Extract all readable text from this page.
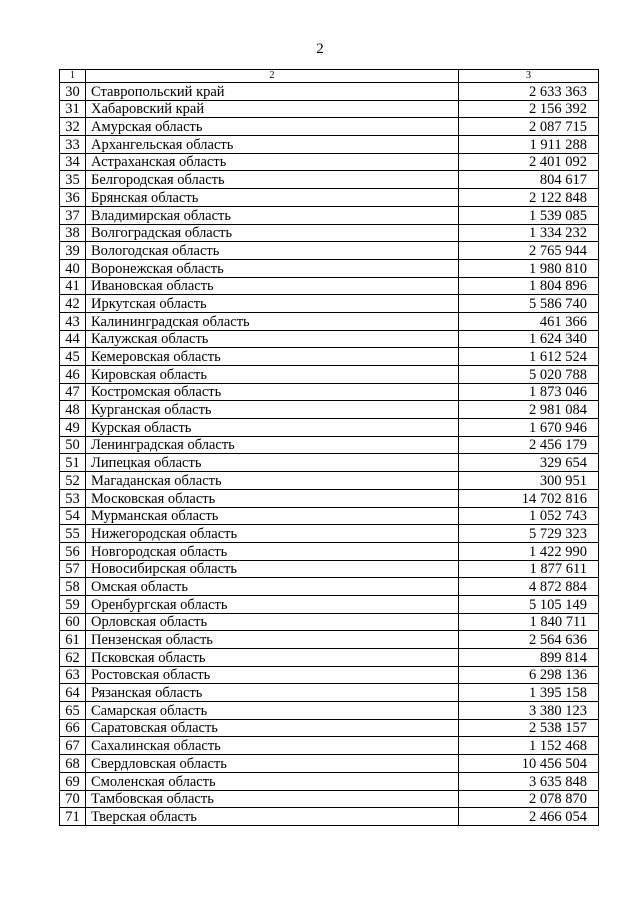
2
1	2	3
30	Ставропольский край	2 633 363
31	Хабаровский край	2 156 392
32	Амурская область	2 087 715
33	Архангельская область	1 911 288
34	Астраханская область	2 401 092
35	Белгородская область	804 617
36	Брянская область	2 122 848
37	Владимирская область	1 539 085
38	Волгоградская область	1 334 232
39	Вологодская область	2 765 944
40	Воронежская область	1 980 810
41	Ивановская область	1 804 896
42	Иркутская область	5 586 740
43	Калининградская область	461 366
44	Калужская область	1 624 340
45	Кемеровская область	1 612 524
46	Кировская область	5 020 788
47	Костромская область	1 873 046
48	Курганская область	2 981 084
49	Курская область	1 670 946
50	Ленинградская область	2 456 179
51	Липецкая область	329 654
52	Магаданская область	300 951
53	Московская область	14 702 816
54	Мурманская область	1 052 743
55	Нижегородская область	5 729 323
56	Новгородская область	1 422 990
57	Новосибирская область	1 877 611
58	Омская область	4 872 884
59	Оренбургская область	5 105 149
60	Орловская область	1 840 711
61	Пензенская область	2 564 636
62	Псковская область	899 814
63	Ростовская область	6 298 136
64	Рязанская область	1 395 158
65	Самарская область	3 380 123
66	Саратовская область	2 538 157
67	Сахалинская область	1 152 468
68	Свердловская область	10 456 504
69	Смоленская область	3 635 848
70	Тамбовская область	2 078 870
71	Тверская область	2 466 054
